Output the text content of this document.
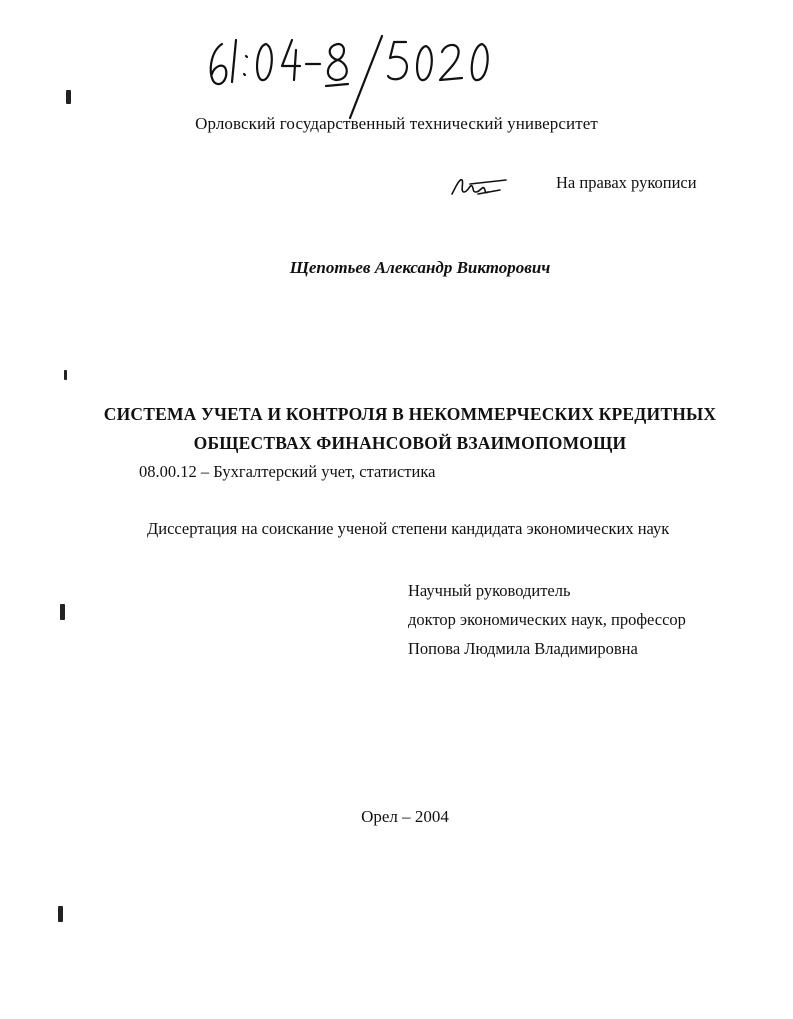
Орловский государственный технический университет
На правах рукописи
Щепотьев Александр Викторович
СИСТЕМА УЧЕТА И КОНТРОЛЯ В НЕКОММЕРЧЕСКИХ КРЕДИТНЫХ
ОБЩЕСТВАХ ФИНАНСОВОЙ ВЗАИМОПОМОЩИ
08.00.12 – Бухгалтерский учет, статистика
Диссертация на соискание ученой степени кандидата экономических наук
Научный руководитель
доктор экономических наук, профессор
Попова Людмила Владимировна
Орел – 2004
